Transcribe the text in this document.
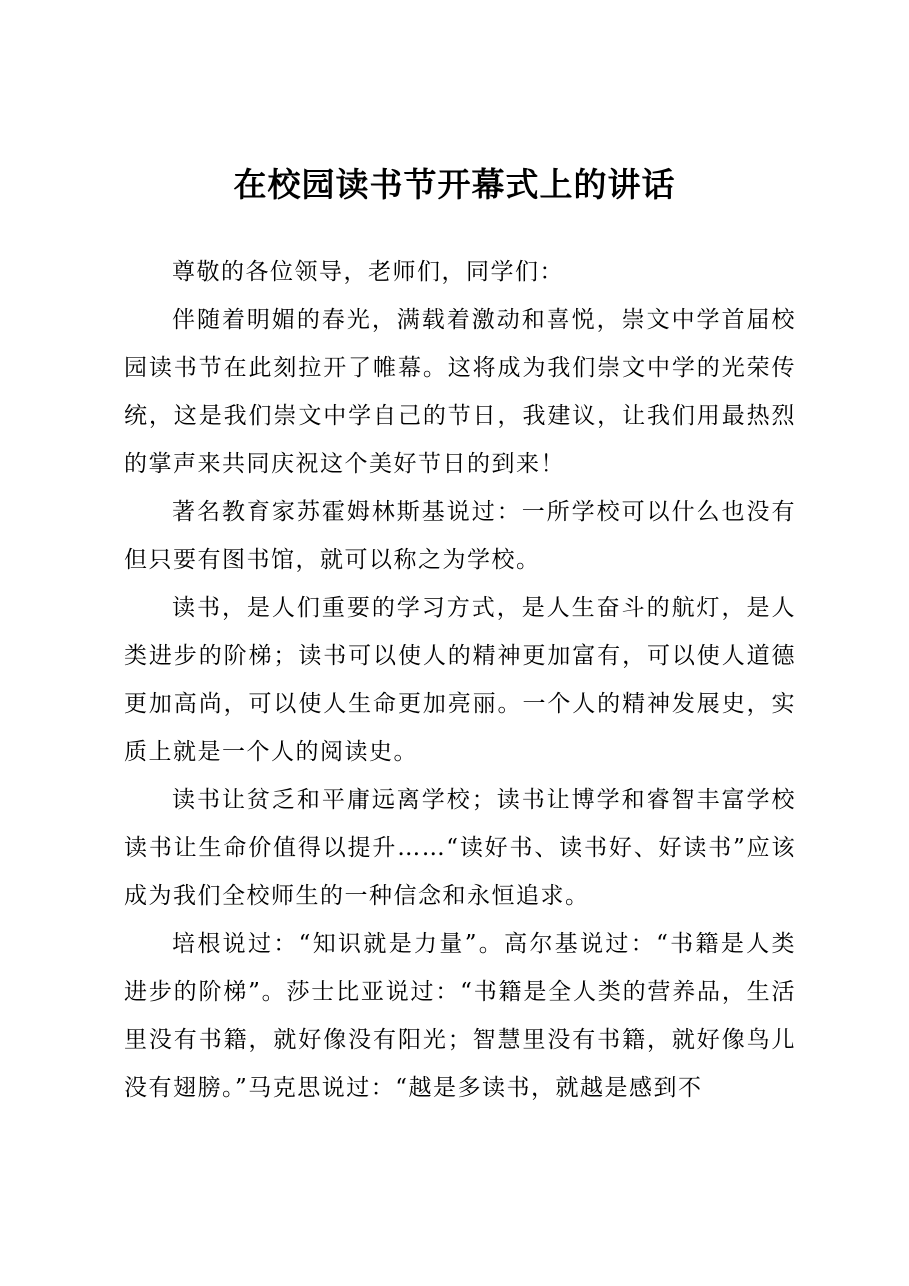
在校园读书节开幕式上的讲话

尊敬的各位领导，老师们，同学们：

伴随着明媚的春光，满载着激动和喜悦，崇文中学首届校园读书节在此刻拉开了帷幕。这将成为我们崇文中学的光荣传统，这是我们崇文中学自己的节日，我建议，让我们用最热烈的掌声来共同庆祝这个美好节日的到来！

著名教育家苏霍姆林斯基说过：一所学校可以什么也没有但只要有图书馆，就可以称之为学校。

读书，是人们重要的学习方式，是人生奋斗的航灯，是人类进步的阶梯；读书可以使人的精神更加富有，可以使人道德更加高尚，可以使人生命更加亮丽。一个人的精神发展史，实质上就是一个人的阅读史。

读书让贫乏和平庸远离学校；读书让博学和睿智丰富学校读书让生命价值得以提升……“读好书、读书好、好读书”应该成为我们全校师生的一种信念和永恒追求。

培根说过：“知识就是力量”。高尔基说过：“书籍是人类进步的阶梯”。莎士比亚说过：“书籍是全人类的营养品，生活里没有书籍，就好像没有阳光；智慧里没有书籍，就好像鸟儿没有翅膀。”马克思说过：“越是多读书，就越是感到不
